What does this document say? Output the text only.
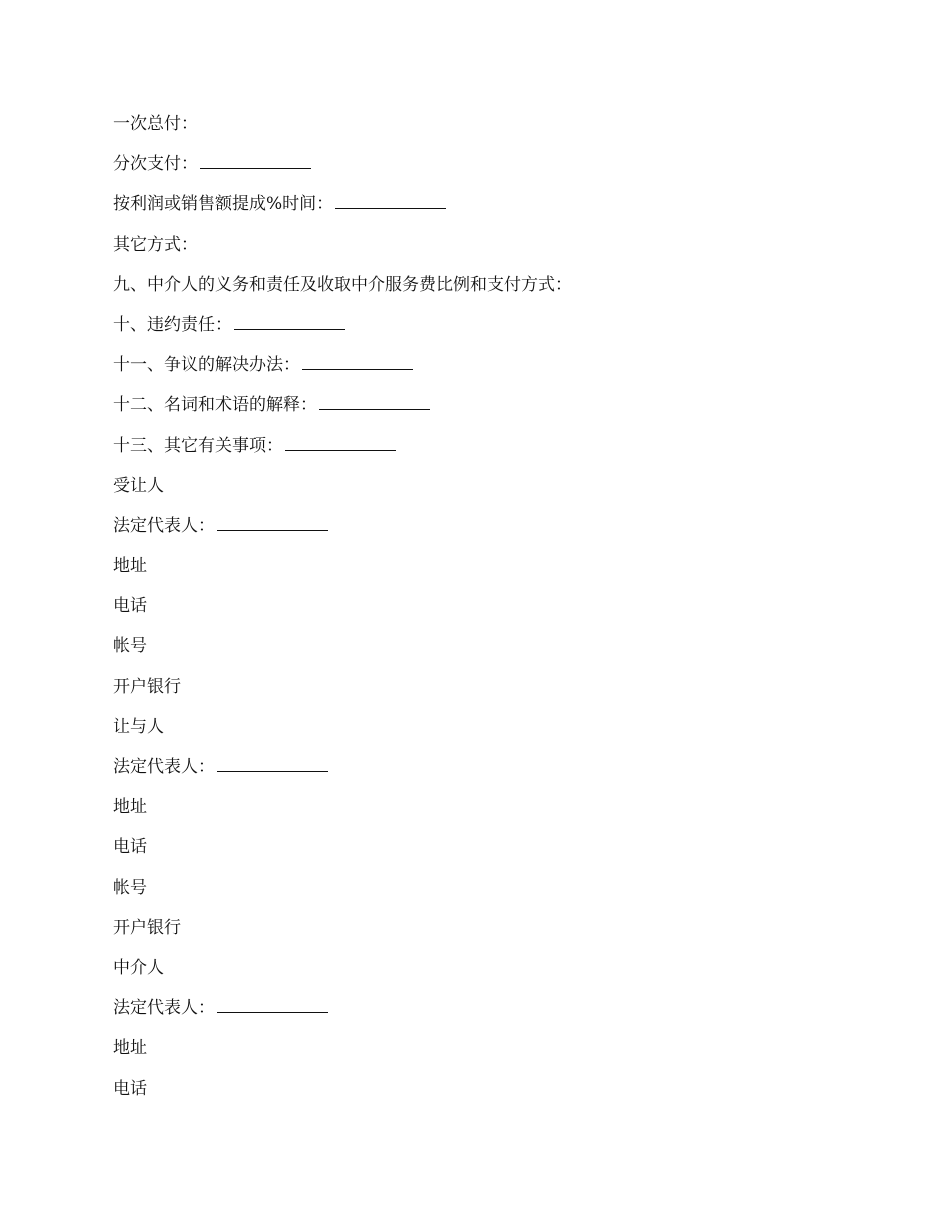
一次总付：
分次支付：
按利润或销售额提成%时间：
其它方式：
九、中介人的义务和责任及收取中介服务费比例和支付方式：
十、违约责任：
十一、争议的解决办法：
十二、名词和术语的解释：
十三、其它有关事项：
受让人
法定代表人：
地址
电话
帐号
开户银行
让与人
法定代表人：
地址
电话
帐号
开户银行
中介人
法定代表人：
地址
电话
